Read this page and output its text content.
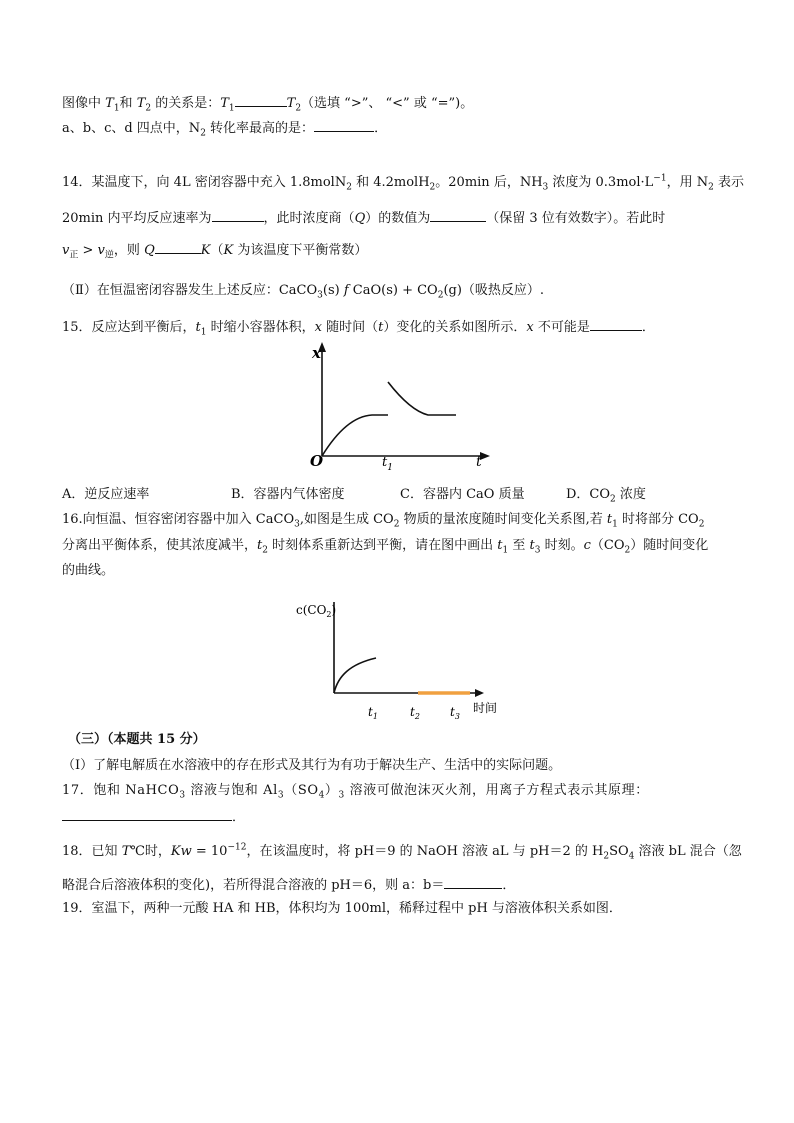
图像中 $T_1$和 $T_2$ 的关系是：$T_1$	$T_2$（选填 “>”、 “<” 或 “=”)。
a、b、c、d 四点中，$N_2$ 转化率最高的是：	．
14．某温度下，向 4L 密闭容器中充入 1.8molN$_2$ 和 4.2molH$_2$。20min 后，$NH_3$ 浓度为 $0.3mol\cdot L^{-1}$，用 $N_2$ 表示
20min 内平均反应速率为	，此时浓度商（Q）的数值为	（保留 3 位有效数字）。若此时
$v_正 > v_逆$，则 Q	K（K 为该温度下平衡常数）
（Ⅱ）在恒温密闭容器发生上述反应：CaCO$_3$(s) f $CaO(s) + CO_2(g)$（吸热反应）.
15．反应达到平衡后，$t_1$ 时缩小容器体积，x 随时间（t）变化的关系如图所示．x 不可能是	．
x
O	$t_1$	t
A．逆反应速率	B．容器内气体密度	C．容器内 CaO 质量	D．$CO_2$ 浓度
16.向恒温、恒容密闭容器中加入 CaCO$_3$,如图是生成 $CO_2$ 物质的量浓度随时间变化关系图,若 $t_1$ 时将部分 $CO_2$
分离出平衡体系，使其浓度减半，$t_2$ 时刻体系重新达到平衡，请在图中画出 $t_1$ 至 $t_3$ 时刻。$c(CO_2)$随时间变化
的曲线。
$c(CO_2)$
$t_1$	$t_2$	$t_3$
时间
（三）（本题共 15 分）
（Ⅰ）了解电解质在水溶液中的存在形式及其行为有功于解决生产、生活中的实际问题。
17．饱和 NaHCO$_3$ 溶液与饱和 $Al_3(SO_4)_3$ 溶液可做泡沫灭火剂，用离子方程式表示其原理：
．
18．已知 T℃时，$Kw = 10^{-12}$，在该温度时，将 pH＝9 的 NaOH 溶液 aL 与 pH＝2 的 $H_2SO_4$ 溶液 bL 混合（忽
略混合后溶液体积的变化)，若所得混合溶液的 pH＝6，则 a：b＝	．
19．室温下，两种一元酸 HA 和 HB，体积均为 100ml，稀释过程中 pH 与溶液体积关系如图．
